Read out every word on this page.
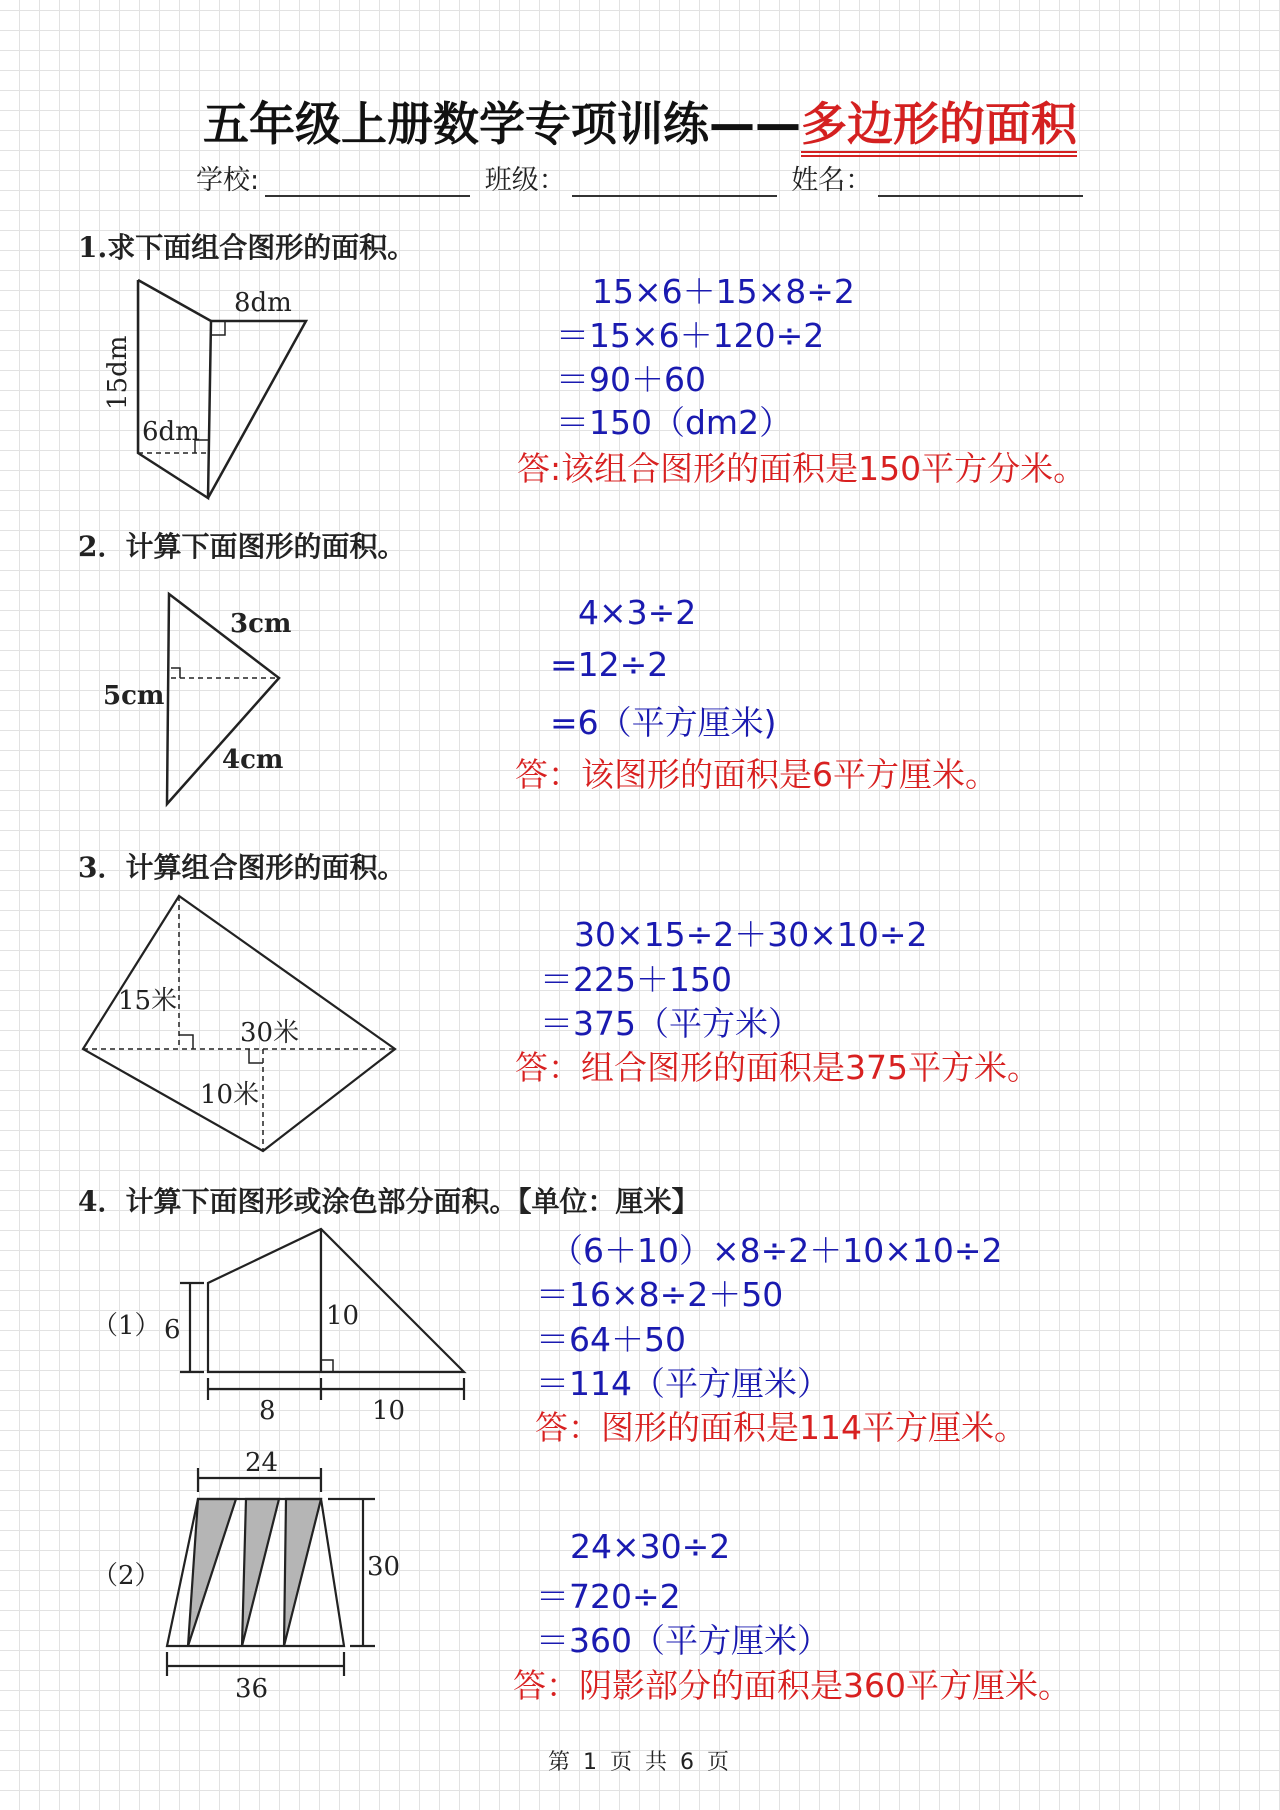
五年级上册数学专项训练——多边形的面积
学校:	班级：	姓名：
8dm
15dm
6dm
3cm
5cm
4cm
15米
30米
10米
（1） 6	10
8	10
24
30
36
（2）
1.求下面组合图形的面积。
15×6＋15×8÷2
＝15×6＋120÷2
＝90＋60
＝150（dm2）
答:该组合图形的面积是150平方分米。
2．计算下面图形的面积。
4×3÷2
=12÷2
=6（平方厘米)
答：该图形的面积是6平方厘米。
3．计算组合图形的面积。
30×15÷2＋30×10÷2
＝225＋150
＝375（平方米）
答：组合图形的面积是375平方米。
4．计算下面图形或涂色部分面积。【单位：厘米】
（6＋10）×8÷2＋10×10÷2
＝16×8÷2＋50
＝64＋50
＝114（平方厘米）
答：图形的面积是114平方厘米。
24×30÷2
＝720÷2
＝360（平方厘米）
答：阴影部分的面积是360平方厘米。
第 1 页 共 6 页
